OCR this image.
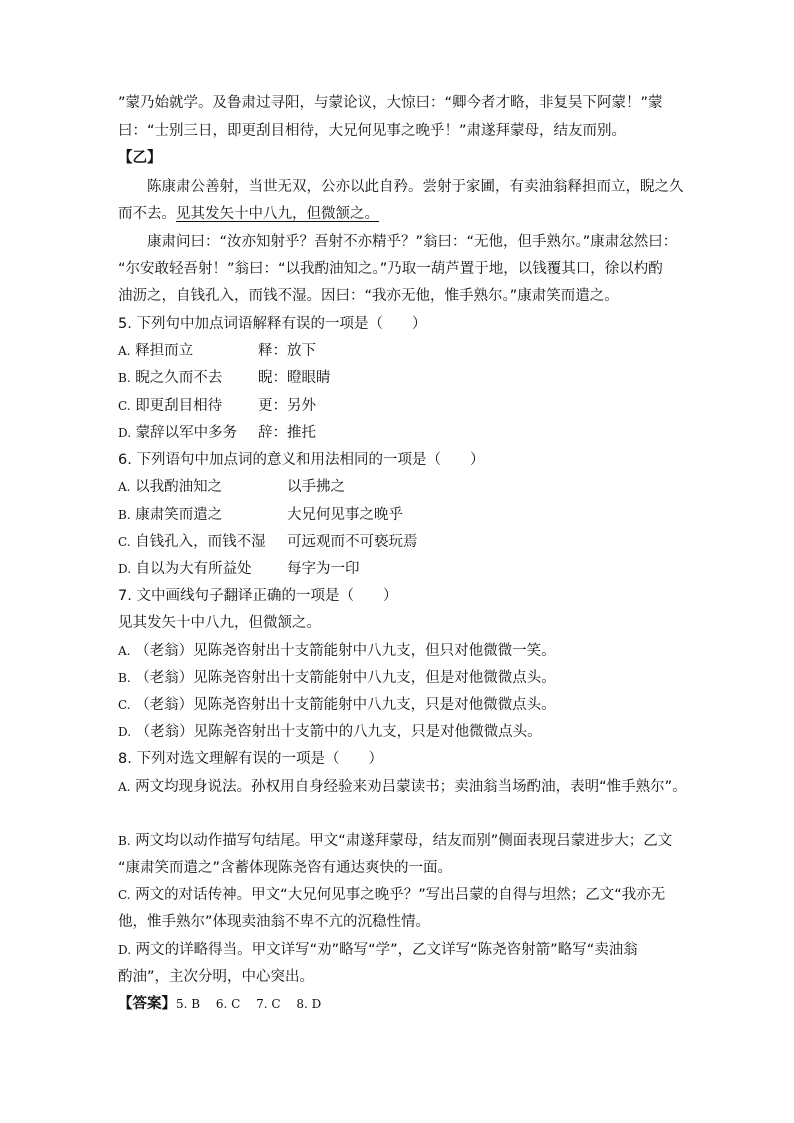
”蒙乃始就学。及鲁肃过寻阳，与蒙论议，大惊曰：“卿今者才略，非复吴下阿蒙！”蒙
曰：“士别三日，即更刮目相待，大兄何见事之晚乎！”肃遂拜蒙母，结友而别。
【乙】
陈康肃公善射，当世无双，公亦以此自矜。尝射于家圃，有卖油翁释担而立，睨之久
而不去。见其发矢十中八九，但微颔之。
康肃问曰：“汝亦知射乎？吾射不亦精乎？”翁曰：“无他，但手熟尔。”康肃忿然曰：
“尔安敢轻吾射！”翁曰：“以我酌油知之。”乃取一葫芦置于地，以钱覆其口，徐以杓酌
油沥之，自钱孔入，而钱不湿。因曰：“我亦无他，惟手熟尔。”康肃笑而遣之。
5. 下列句中加点词语解释有误的一项是（　　）
A. 释担而立	释：放下
B. 睨之久而不去 睨：瞪眼睛
C. 即更刮目相待 更：另外
D. 蒙辞以军中多务 辞：推托
6. 下列语句中加点词的意义和用法相同的一项是（　　）
A. 以我酌油知之	以手拂之
B. 康肃笑而遣之	大兄何见事之晚乎
C. 自钱孔入，而钱不湿 可远观而不可亵玩焉
D. 自以为大有所益处 每字为一印
7. 文中画线句子翻译正确的一项是（　　）
见其发矢十中八九，但微颔之。
A. （老翁）见陈尧咨射出十支箭能射中八九支，但只对他微微一笑。
B. （老翁）见陈尧咨射出十支箭能射中八九支，但是对他微微点头。
C. （老翁）见陈尧咨射出十支箭能射中八九支，只是对他微微点头。
D. （老翁）见陈尧咨射出十支箭中的八九支，只是对他微微点头。
8. 下列对选文理解有误的一项是（　　）
A. 两文均现身说法。孙权用自身经验来劝吕蒙读书；卖油翁当场酌油，表明“惟手熟尔”。
B. 两文均以动作描写句结尾。甲文“肃遂拜蒙母，结友而别”侧面表现吕蒙进步大；乙文
“康肃笑而遣之”含蓄体现陈尧咨有通达爽快的一面。
C. 两文的对话传神。甲文“大兄何见事之晚乎？”写出吕蒙的自得与坦然；乙文“我亦无
他，惟手熟尔”体现卖油翁不卑不亢的沉稳性情。
D. 两文的详略得当。甲文详写“劝”略写“学”，乙文详写“陈尧咨射箭”略写“卖油翁
酌油”，主次分明，中心突出。
【答案】5. B　 6. C　 7. C　 8. D
